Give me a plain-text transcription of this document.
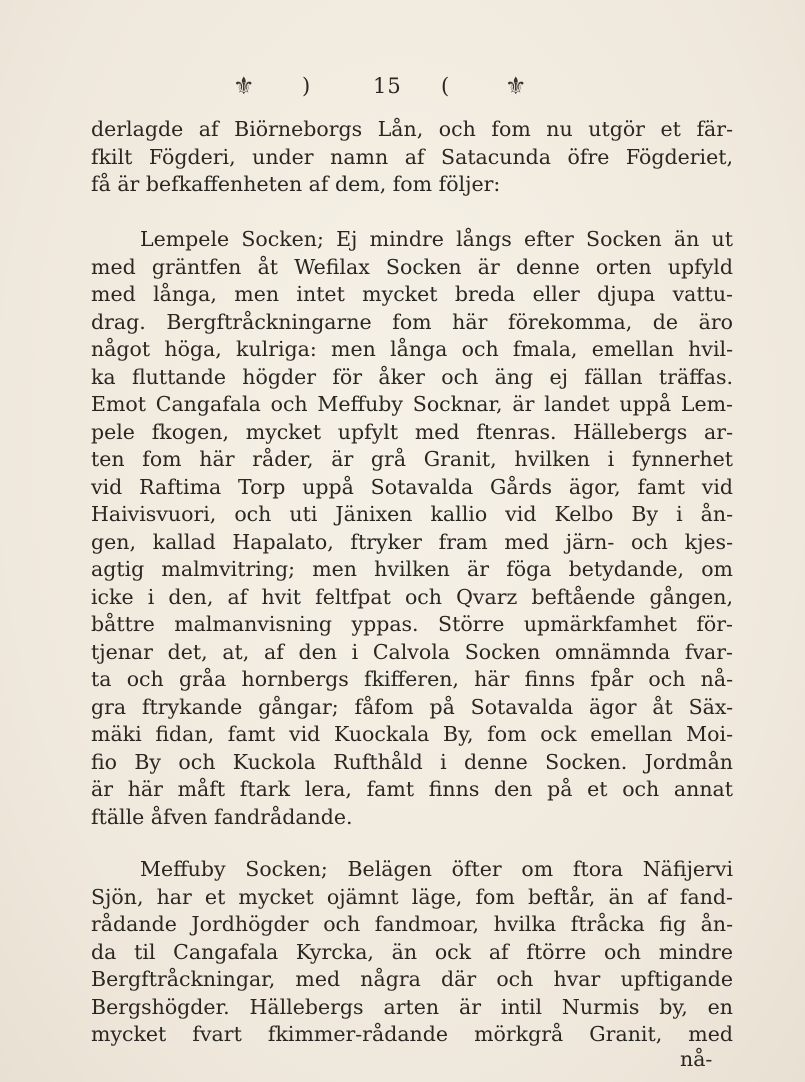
⚜ )	15 ( ⚜
derlagde af Biörneborgs Lån, och fom nu utgör et fär-
fkilt Fögderi, under namn af Satacunda öfre Fögderiet,
få är befkaffenheten af dem, fom följer:
Lempele Socken; Ej mindre långs efter Socken än ut
med gräntfen åt Wefilax Socken är denne orten upfyld
med långa, men intet mycket breda eller djupa vattu-
drag. Bergftråckningarne fom här förekomma, de äro
något höga, kulriga: men långa och fmala, emellan hvil-
ka fluttande högder för åker och äng ej fällan träffas.
Emot Cangafala och Meffuby Socknar, är landet uppå Lem-
pele fkogen, mycket upfylt med ftenras. Hällebergs ar-
ten fom här råder, är grå Granit, hvilken i fynnerhet
vid Raftima Torp uppå Sotavalda Gårds ägor, famt vid
Haivisvuori, och uti Jänixen kallio vid Kelbo By i ån-
gen, kallad Hapalato, ftryker fram med järn- och kjes-
agtig malmvitring; men hvilken är föga betydande, om
icke i den, af hvit feltfpat och Qvarz beftående gången,
båttre malmanvisning yppas. Större upmärkfamhet för-
tjenar det, at, af den i Calvola Socken omnämnda fvar-
ta och gråa hornbergs fkifferen, här finns fpår och nå-
gra ftrykande gångar; fåfom på Sotavalda ägor åt Säx-
mäki fidan, famt vid Kuockala By, fom ock emellan Moi-
fio By och Kuckola Rufthåld i denne Socken. Jordmån
är här måft ftark lera, famt finns den på et och annat
ftälle åfven fandrådande.
Meffuby Socken; Belägen öfter om ftora Näfijervi
Sjön, har et mycket ojämnt läge, fom beftår, än af fand-
rådande Jordhögder och fandmoar, hvilka ftråcka fig ån-
da til Cangafala Kyrcka, än ock af ftörre och mindre
Bergftråckningar, med några där och hvar upftigande
Bergshögder. Hällebergs arten är intil Nurmis by, en
mycket fvart fkimmer-rådande mörkgrå Granit, med
nå-
